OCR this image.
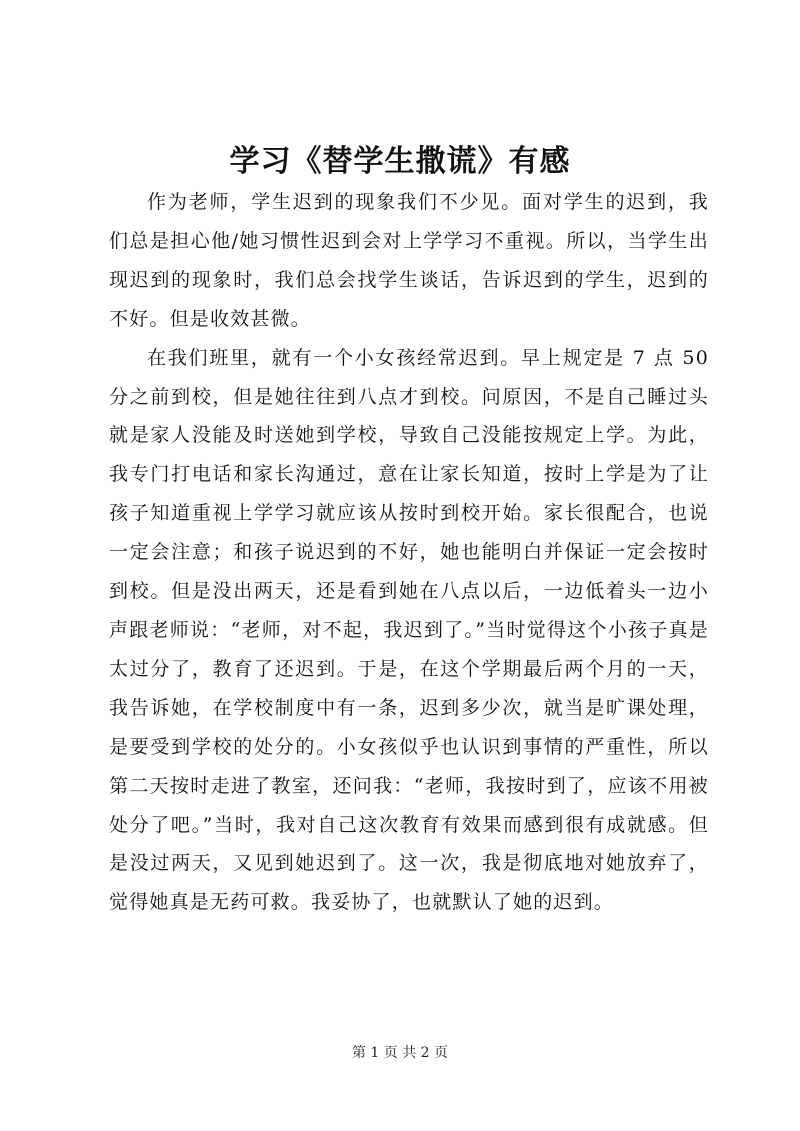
学习《替学生撒谎》有感

作为老师，学生迟到的现象我们不少见。面对学生的迟到，我们总是担心他/她习惯性迟到会对上学学习不重视。所以，当学生出现迟到的现象时，我们总会找学生谈话，告诉迟到的学生，迟到的不好。但是收效甚微。

在我们班里，就有一个小女孩经常迟到。早上规定是 7 点 50 分之前到校，但是她往往到八点才到校。问原因，不是自己睡过头就是家人没能及时送她到学校，导致自己没能按规定上学。为此，我专门打电话和家长沟通过，意在让家长知道，按时上学是为了让孩子知道重视上学学习就应该从按时到校开始。家长很配合，也说一定会注意；和孩子说迟到的不好，她也能明白并保证一定会按时到校。但是没出两天，还是看到她在八点以后，一边低着头一边小声跟老师说：“老师，对不起，我迟到了。”当时觉得这个小孩子真是太过分了，教育了还迟到。于是，在这个学期最后两个月的一天，我告诉她，在学校制度中有一条，迟到多少次，就当是旷课处理，是要受到学校的处分的。小女孩似乎也认识到事情的严重性，所以第二天按时走进了教室，还问我：“老师，我按时到了，应该不用被处分了吧。”当时，我对自己这次教育有效果而感到很有成就感。但是没过两天，又见到她迟到了。这一次，我是彻底地对她放弃了，觉得她真是无药可救。我妥协了，也就默认了她的迟到。

第 1 页 共 2 页
